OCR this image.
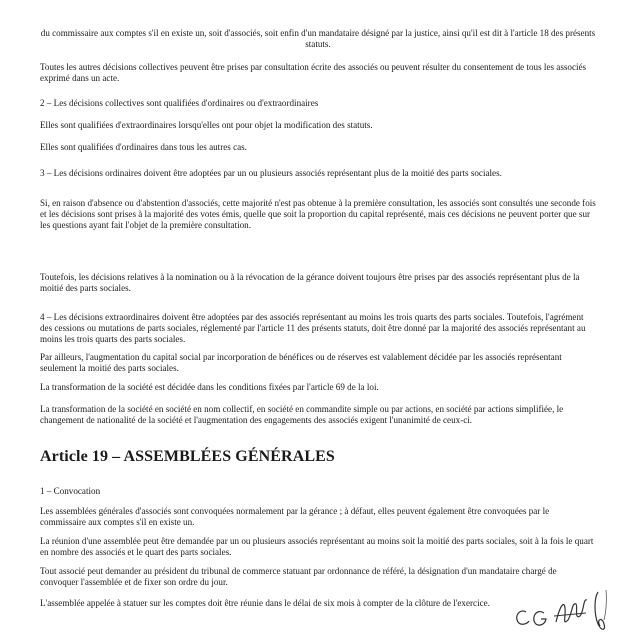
du commissaire aux comptes s'il en existe un, soit d'associés, soit enfin d'un mandataire désigné par la justice, ainsi qu'il est dit à l'article 18 des présents statuts.

Toutes les autres décisions collectives peuvent être prises par consultation écrite des associés ou peuvent résulter du consentement de tous les associés exprimé dans un acte.

2 – Les décisions collectives sont qualifiées d'ordinaires ou d'extraordinaires

Elles sont qualifiées d'extraordinaires lorsqu'elles ont pour objet la modification des statuts.

Elles sont qualifiées d'ordinaires dans tous les autres cas.

3 – Les décisions ordinaires doivent être adoptées par un ou plusieurs associés représentant plus de la moitié des parts sociales.

Si, en raison d'absence ou d'abstention d'associés, cette majorité n'est pas obtenue à la première consultation, les associés sont consultés une seconde fois et les décisions sont prises à la majorité des votes émis, quelle que soit la proportion du capital représenté, mais ces décisions ne peuvent porter que sur les questions ayant fait l'objet de la première consultation.

Toutefois, les décisions relatives à la nomination ou à la révocation de la gérance doivent toujours être prises par des associés représentant plus de la moitié des parts sociales.

4 – Les décisions extraordinaires doivent être adoptées par des associés représentant au moins les trois quarts des parts sociales. Toutefois, l'agrément des cessions ou mutations de parts sociales, réglementé par l'article 11 des présents statuts, doit être donné par la majorité des associés représentant au moins les trois quarts des parts sociales.

Par ailleurs, l'augmentation du capital social par incorporation de bénéfices ou de réserves est valablement décidée par les associés représentant seulement la moitié des parts sociales.

La transformation de la société est décidée dans les conditions fixées par l'article 69 de la loi.

La transformation de la société en société en nom collectif, en société en commandite simple ou par actions, en société par actions simplifiée, le changement de nationalité de la société et l'augmentation des engagements des associés exigent l'unanimité de ceux-ci.

Article 19 – ASSEMBLÉES GÉNÉRALES

1 – Convocation

Les assemblées générales d'associés sont convoquées normalement par la gérance ; à défaut, elles peuvent également être convoquées par le commissaire aux comptes s'il en existe un.

La réunion d'une assemblée peut être demandée par un ou plusieurs associés représentant au moins soit la moitié des parts sociales, soit à la fois le quart en nombre des associés et le quart des parts sociales.

Tout associé peut demander au président du tribunal de commerce statuant par ordonnance de référé, la désignation d'un mandataire chargé de convoquer l'assemblée et de fixer son ordre du jour.

L'assemblée appelée à statuer sur les comptes doit être réunie dans le délai de six mois à compter de la clôture de l'exercice.
